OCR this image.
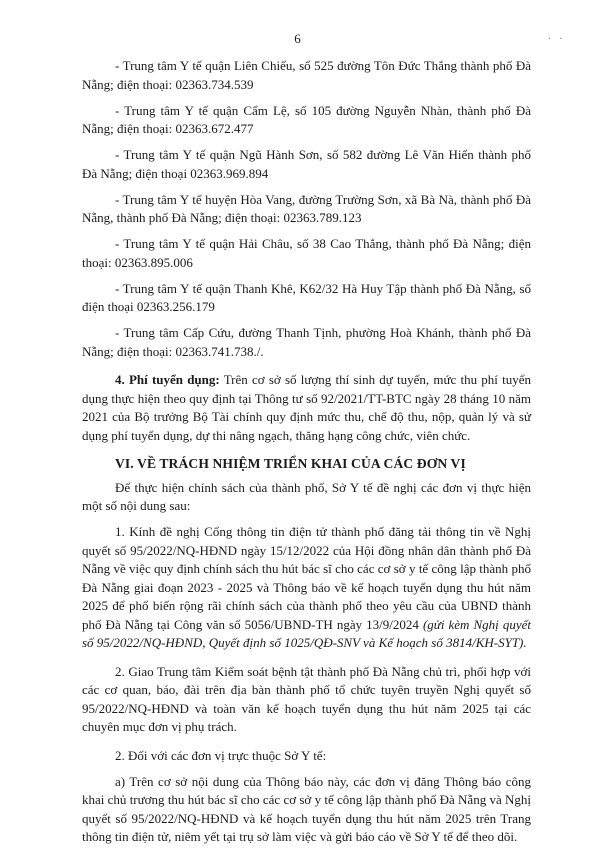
6	. .

- Trung tâm Y tế quận Liên Chiểu, số 525 đường Tôn Đức Thắng thành phố Đà Nẵng; điện thoại: 02363.734.539

- Trung tâm Y tế quận Cẩm Lệ, số 105 đường Nguyễn Nhàn, thành phố Đà Nẵng; điện thoại: 02363.672.477

- Trung tâm Y tế quận Ngũ Hành Sơn, số 582 đường Lê Văn Hiến thành phố Đà Nẵng; điện thoại 02363.969.894

- Trung tâm Y tế huyện Hòa Vang, đường Trường Sơn, xã Bà Nà, thành phố Đà Nẵng, thành phố Đà Nẵng; điện thoại: 02363.789.123

- Trung tâm Y tế quận Hải Châu, số 38 Cao Thắng, thành phố Đà Nẵng; điện thoại: 02363.895.006

- Trung tâm Y tế quận Thanh Khê, K62/32 Hà Huy Tập thành phố Đà Nẵng, số điện thoại 02363.256.179

- Trung tâm Cấp Cứu, đường Thanh Tịnh, phường Hoà Khánh, thành phố Đà Nẵng; điện thoại: 02363.741.738./.

4. Phí tuyển dụng: Trên cơ sở số lượng thí sinh dự tuyển, mức thu phí tuyển dụng thực hiện theo quy định tại Thông tư số 92/2021/TT-BTC ngày 28 tháng 10 năm 2021 của Bộ trưởng Bộ Tài chính quy định mức thu, chế độ thu, nộp, quản lý và sử dụng phí tuyển dụng, dự thi nâng ngạch, thăng hạng công chức, viên chức.

VI. VỀ TRÁCH NHIỆM TRIỂN KHAI CỦA CÁC ĐƠN VỊ

Để thực hiện chính sách của thành phố, Sở Y tế đề nghị các đơn vị thực hiện một số nội dung sau:

1. Kính đề nghị Cổng thông tin điện tử thành phố đăng tải thông tin về Nghị quyết số 95/2022/NQ-HĐND ngày 15/12/2022 của Hội đồng nhân dân thành phố Đà Nẵng về việc quy định chính sách thu hút bác sĩ cho các cơ sở y tế công lập thành phố Đà Nẵng giai đoạn 2023 - 2025 và Thông báo về kế hoạch tuyển dụng thu hút năm 2025 để phổ biến rộng rãi chính sách của thành phố theo yêu cầu của UBND thành phố Đà Nẵng tại Công văn số 5056/UBND-TH ngày 13/9/2024 (gửi kèm Nghị quyết số 95/2022/NQ-HĐND, Quyết định số 1025/QĐ-SNV và Kế hoạch số 3814/KH-SYT).

2. Giao Trung tâm Kiểm soát bệnh tật thành phố Đà Nẵng chủ trì, phối hợp với các cơ quan, báo, đài trên địa bàn thành phố tổ chức tuyên truyền Nghị quyết số 95/2022/NQ-HĐND và toàn văn kế hoạch tuyển dụng thu hút năm 2025 tại các chuyên mục đơn vị phụ trách.

2. Đối với các đơn vị trực thuộc Sở Y tế:

a) Trên cơ sở nội dung của Thông báo này, các đơn vị đăng Thông báo công khai chủ trương thu hút bác sĩ cho các cơ sở y tế công lập thành phố Đà Nẵng và Nghị quyết số 95/2022/NQ-HĐND và kế hoạch tuyển dụng thu hút năm 2025 trên Trang thông tin điện tử, niêm yết tại trụ sở làm việc và gửi báo cáo về Sở Y tế để theo dõi.
